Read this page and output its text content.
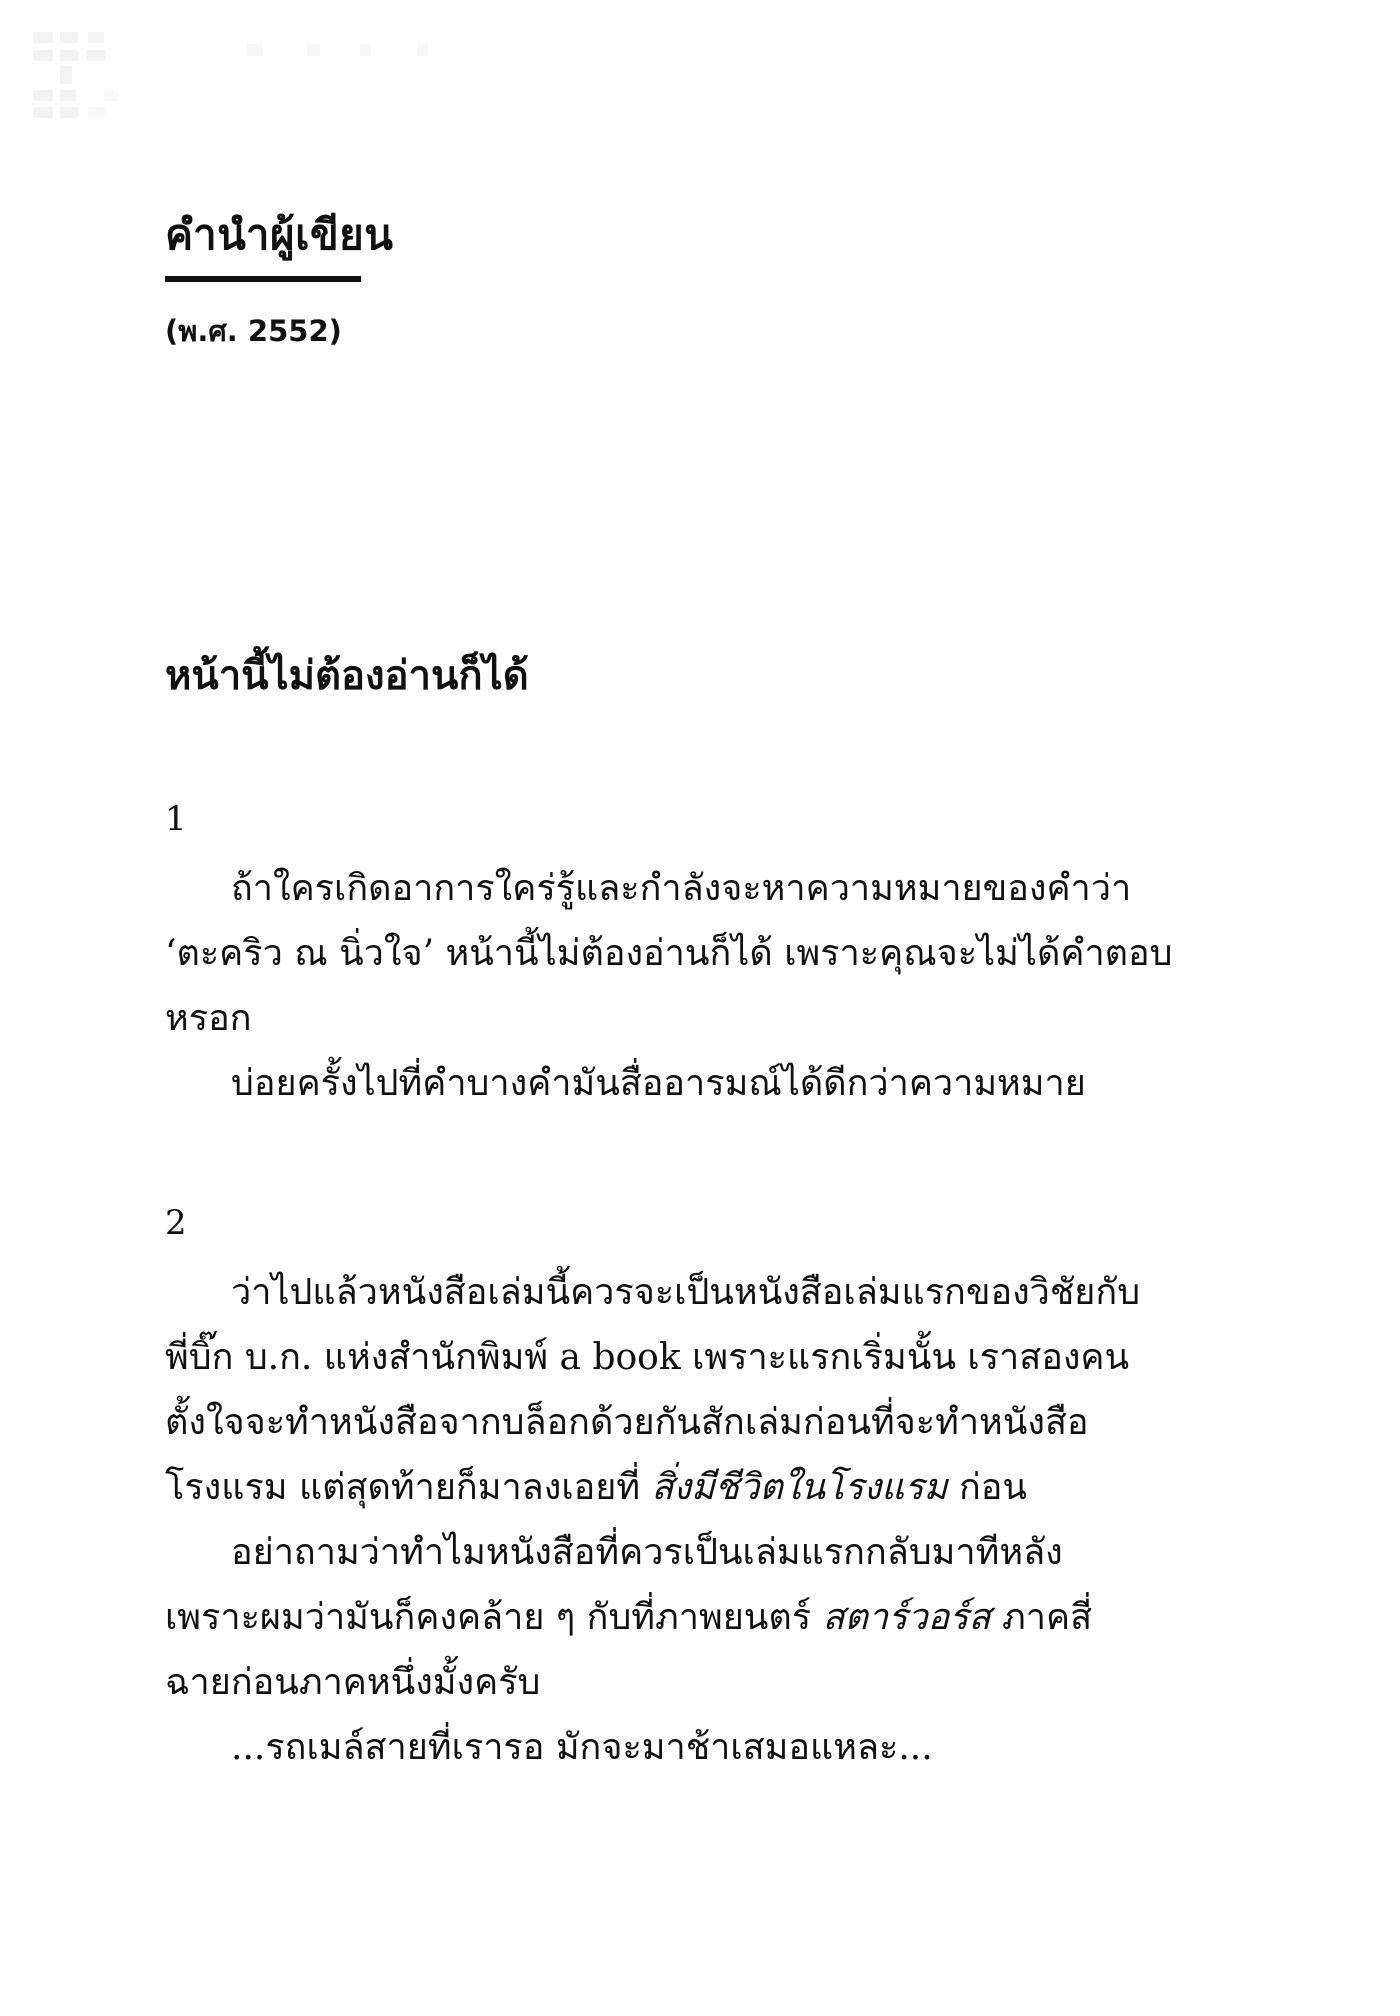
คำนำผู้เขียน
(พ.ศ. 2552)
หน้านี้ไม่ต้องอ่านก็ได้
1
ถ้าใครเกิดอาการใคร่รู้และกำลังจะหาความหมายของคำว่า
‘ตะคริว ณ นิ่วใจ’ หน้านี้ไม่ต้องอ่านก็ได้ เพราะคุณจะไม่ได้คำตอบ
หรอก
บ่อยครั้งไปที่คำบางคำมันสื่ออารมณ์ได้ดีกว่าความหมาย
2
ว่าไปแล้วหนังสือเล่มนี้ควรจะเป็นหนังสือเล่มแรกของวิชัยกับ
พี่บิ๊ก บ.ก. แห่งสำนักพิมพ์ a book เพราะแรกเริ่มนั้น เราสองคน
ตั้งใจจะทำหนังสือจากบล็อกด้วยกันสักเล่มก่อนที่จะทำหนังสือ
โรงแรม แต่สุดท้ายก็มาลงเอยที่ สิ่งมีชีวิตในโรงแรม ก่อน
อย่าถามว่าทำไมหนังสือที่ควรเป็นเล่มแรกกลับมาทีหลัง
เพราะผมว่ามันก็คงคล้าย ๆ กับที่ภาพยนตร์ สตาร์วอร์ส ภาคสี่
ฉายก่อนภาคหนึ่งมั้งครับ
...รถเมล์สายที่เรารอ มักจะมาช้าเสมอแหละ...
